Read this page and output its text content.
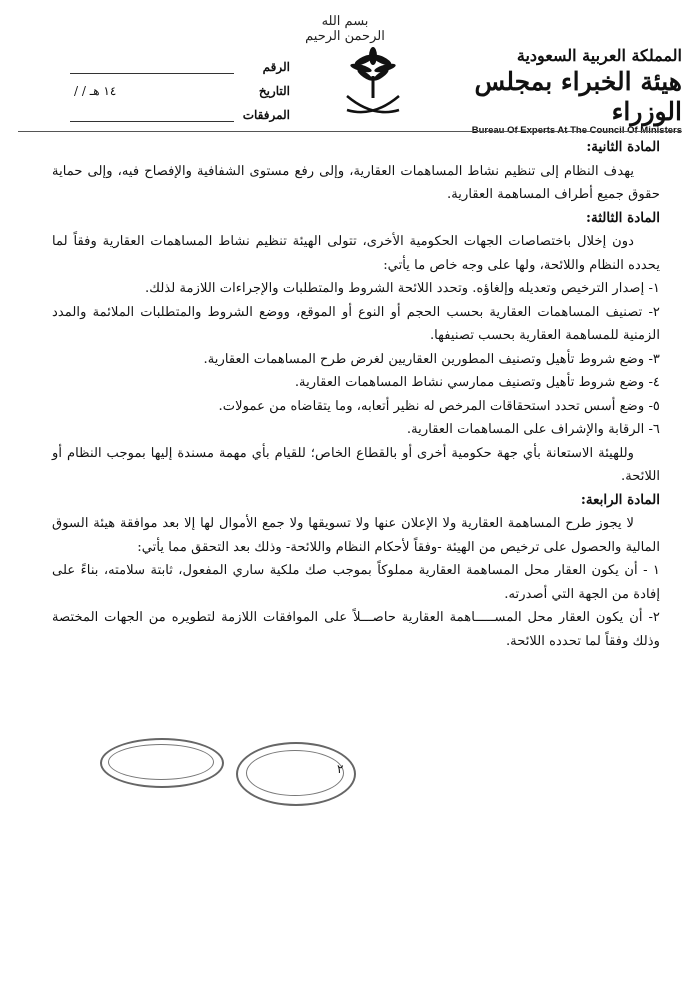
بسم الله الرحمن الرحيم
المملكة العربية السعودية
هيئة الخبراء بمجلس الوزراء
Bureau Of Experts At The Council Of Ministers
الرقم
التاريخ
/ / ١٤ هـ
المرفقات

المادة الثانية:

يهدف النظام إلى تنظيم نشاط المساهمات العقارية، وإلى رفع مستوى الشفافية والإفصاح فيه، وإلى حماية حقوق جميع أطراف المساهمة العقارية.

المادة الثالثة:

دون إخلال باختصاصات الجهات الحكومية الأخرى، تتولى الهيئة تنظيم نشاط المساهمات العقارية وفقاً لما يحدده النظام واللائحة، ولها على وجه خاص ما يأتي:

١- إصدار الترخيص وتعديله وإلغاؤه. وتحدد اللائحة الشروط والمتطلبات والإجراءات اللازمة لذلك.

٢- تصنيف المساهمات العقارية بحسب الحجم أو النوع أو الموقع، ووضع الشروط والمتطلبات الملائمة والمدد الزمنية للمساهمة العقارية بحسب تصنيفها.

٣- وضع شروط تأهيل وتصنيف المطورين العقاريين لغرض طرح المساهمات العقارية.

٤- وضع شروط تأهيل وتصنيف ممارسي نشاط المساهمات العقارية.

٥- وضع أسس تحدد استحقاقات المرخص له نظير أتعابه، وما يتقاضاه من عمولات.

٦- الرقابة والإشراف على المساهمات العقارية.

وللهيئة الاستعانة بأي جهة حكومية أخرى أو بالقطاع الخاص؛ للقيام بأي مهمة مسندة إليها بموجب النظام أو اللائحة.

المادة الرابعة:

لا يجوز طرح المساهمة العقارية ولا الإعلان عنها ولا تسويقها ولا جمع الأموال لها إلا بعد موافقة هيئة السوق المالية والحصول على ترخيص من الهيئة -وفقاً لأحكام النظام واللائحة- وذلك بعد التحقق مما يأتي:

١ - أن يكون العقار محل المساهمة العقارية مملوكاً بموجب صك ملكية ساري المفعول، ثابتة سلامته، بناءً على إفادة من الجهة التي أصدرته.

٢- أن يكون العقار محل المســـــاهمة العقارية حاصـــلاً على الموافقات اللازمة لتطويره من الجهات المختصة وذلك وفقاً لما تحدده اللائحة.

٢
